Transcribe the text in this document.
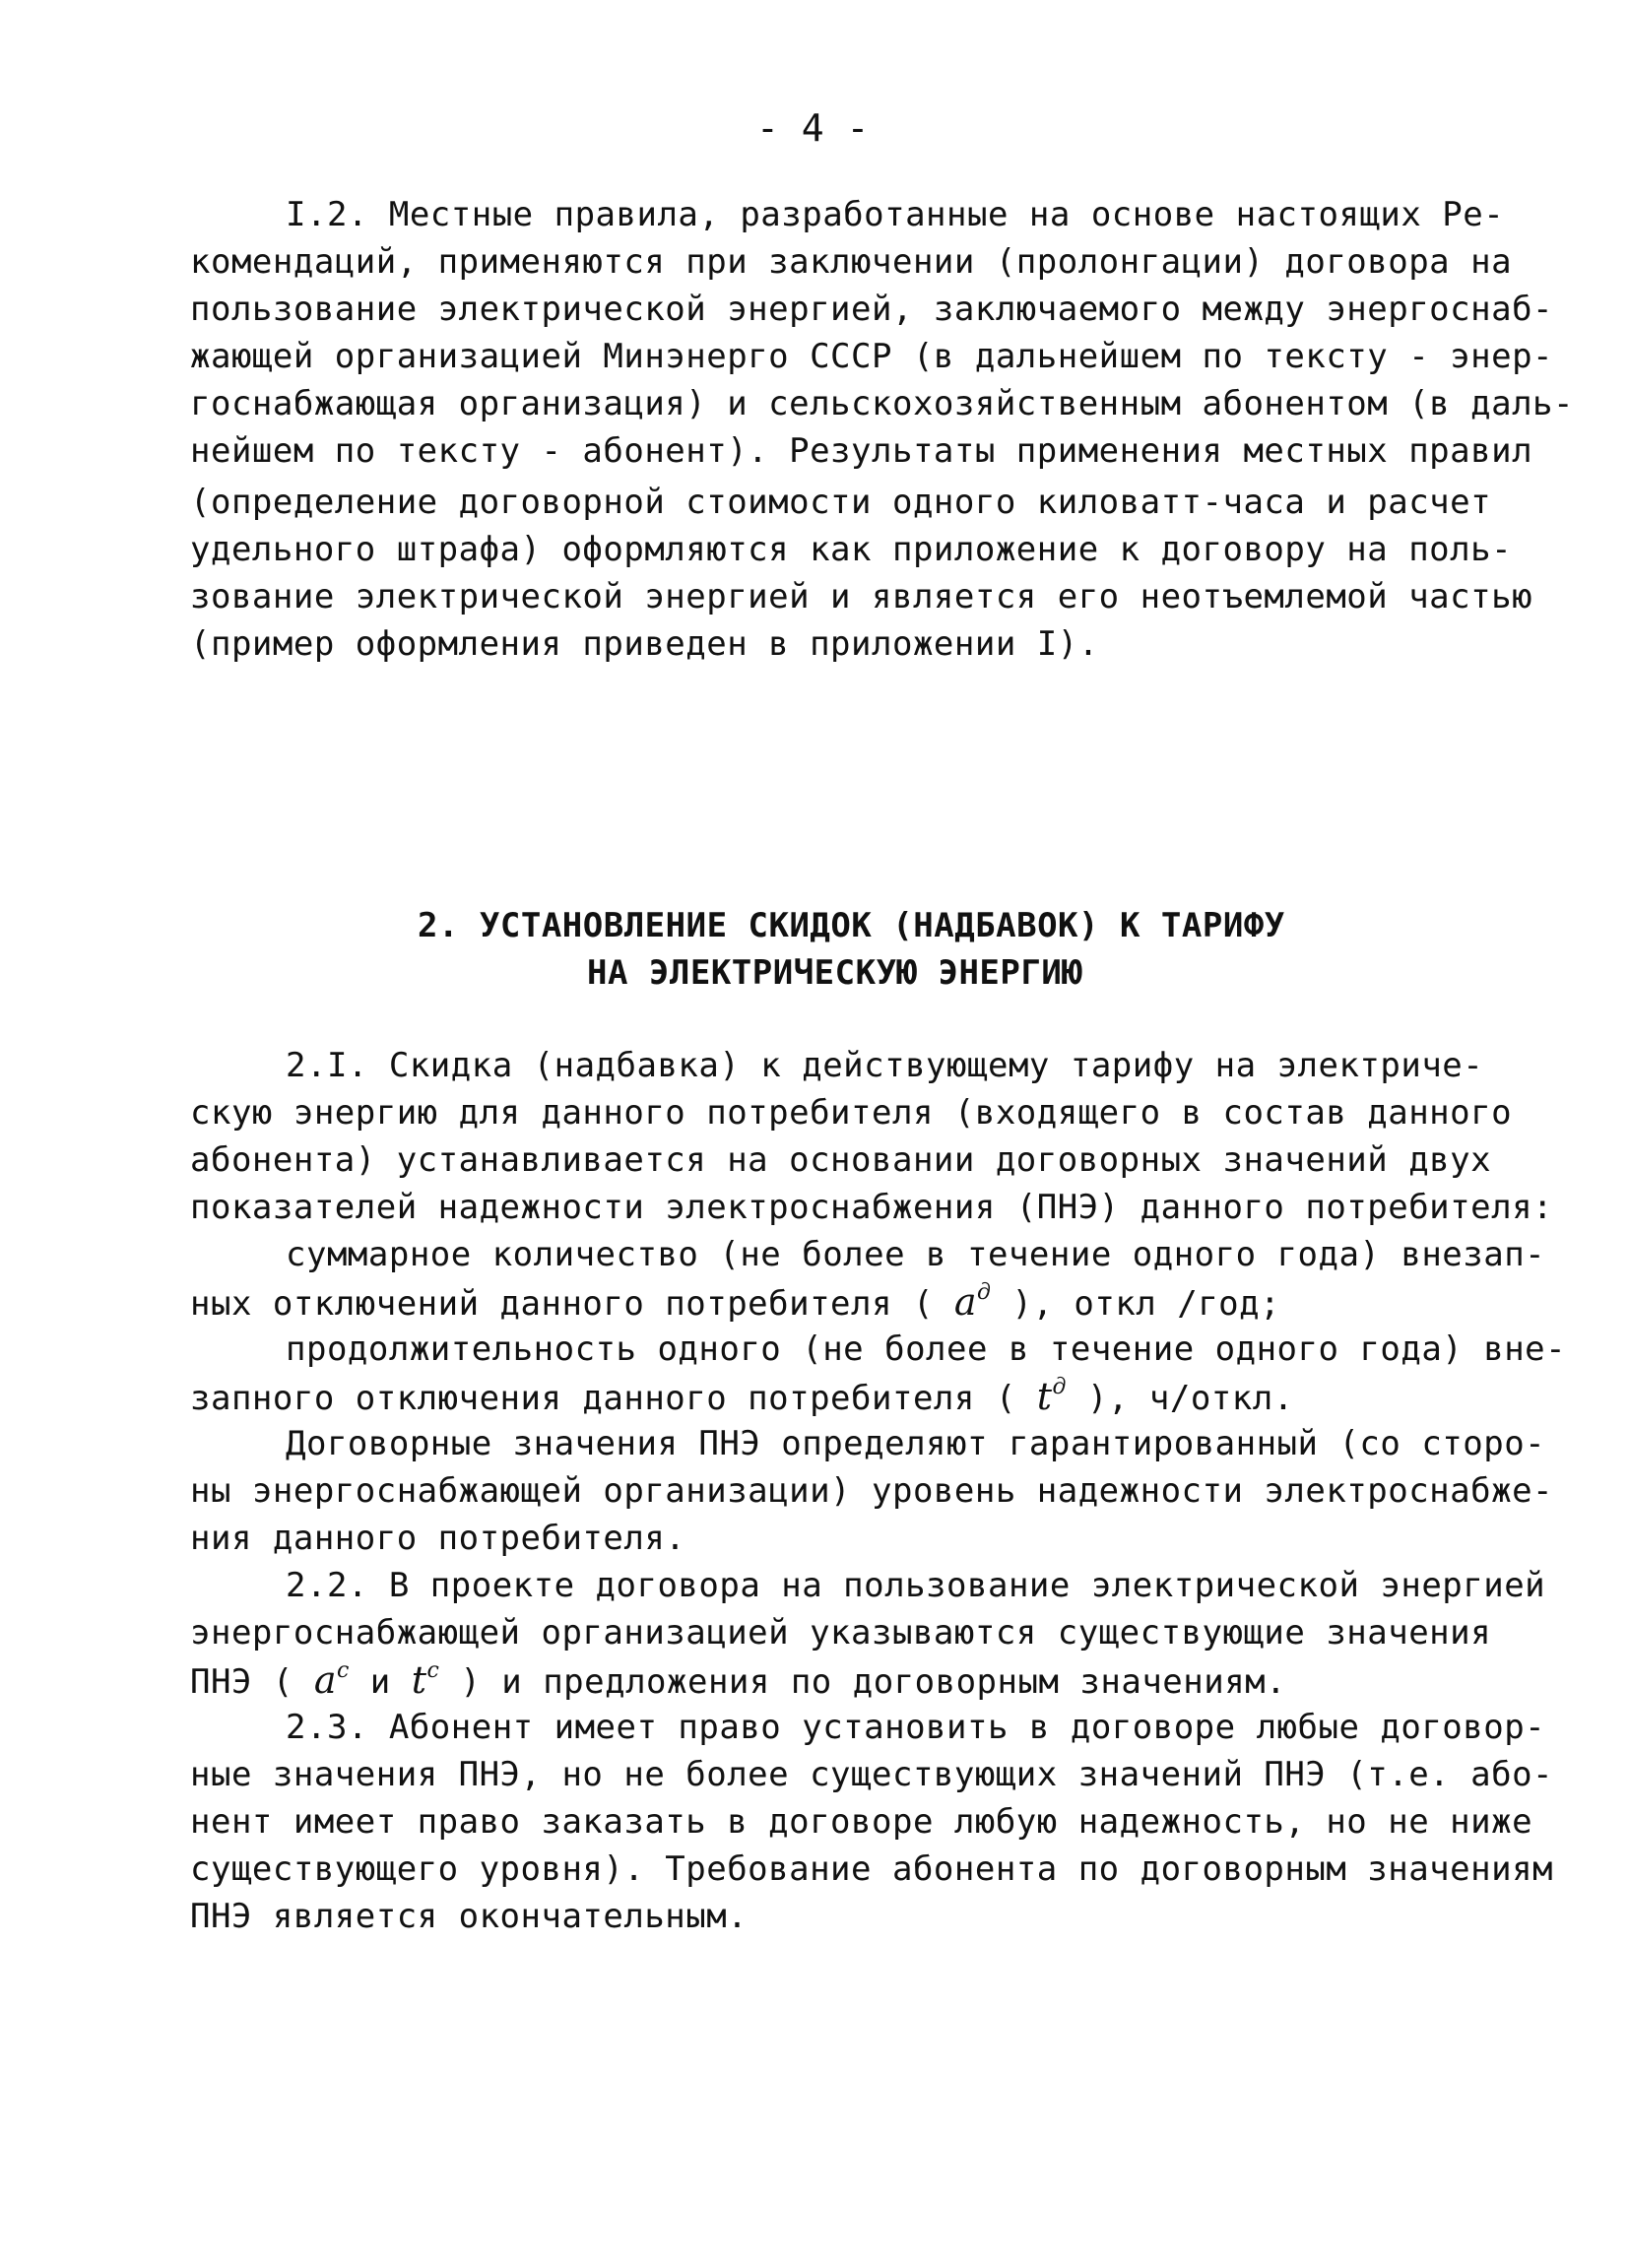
- 4 -
I.2. Местные правила, разработанные на основе настоящих Ре-
комендаций, применяются при заключении (пролонгации) договора на
пользование электрической энергией, заключаемого между энергоснаб-
жающей организацией Минэнерго СССР (в дальнейшем по тексту - энер-
госнабжающая организация) и сельскохозяйственным абонентом (в даль-
нейшем по тексту - абонент). Результаты применения местных правил
(определение договорной стоимости одного киловатт-часа и расчет
удельного штрафа) оформляются как приложение к договору на поль-
зование электрической энергией и является его неотъемлемой частью
(пример оформления приведен в приложении I).
2. УСТАНОВЛЕНИЕ СКИДОК (НАДБАВОК) К ТАРИФУ
НА ЭЛЕКТРИЧЕСКУЮ ЭНЕРГИЮ
2.I. Скидка (надбавка) к действующему тарифу на электриче-
скую энергию для данного потребителя (входящего в состав данного
абонента) устанавливается на основании договорных значений двух
показателей надежности электроснабжения (ПНЭ) данного потребителя:
суммарное количество (не более в течение одного года) внезап-
ных отключений данного потребителя ( $a^д$ ), откл /год;
продолжительность одного (не более в течение одного года) вне-
запного отключения данного потребителя ( $t^д$ ), ч/откл.
Договорные значения ПНЭ определяют гарантированный (со сторо-
ны энергоснабжающей организации) уровень надежности электроснабже-
ния данного потребителя.
2.2. В проекте договора на пользование электрической энергией
энергоснабжающей организацией указываются существующие значения
ПНЭ ( $a^с$ и $t^с$ ) и предложения по договорным значениям.
2.3. Абонент имеет право установить в договоре любые договор-
ные значения ПНЭ, но не более существующих значений ПНЭ (т.е. або-
нент имеет право заказать в договоре любую надежность, но не ниже
существующего уровня). Требование абонента по договорным значениям
ПНЭ является окончательным.
